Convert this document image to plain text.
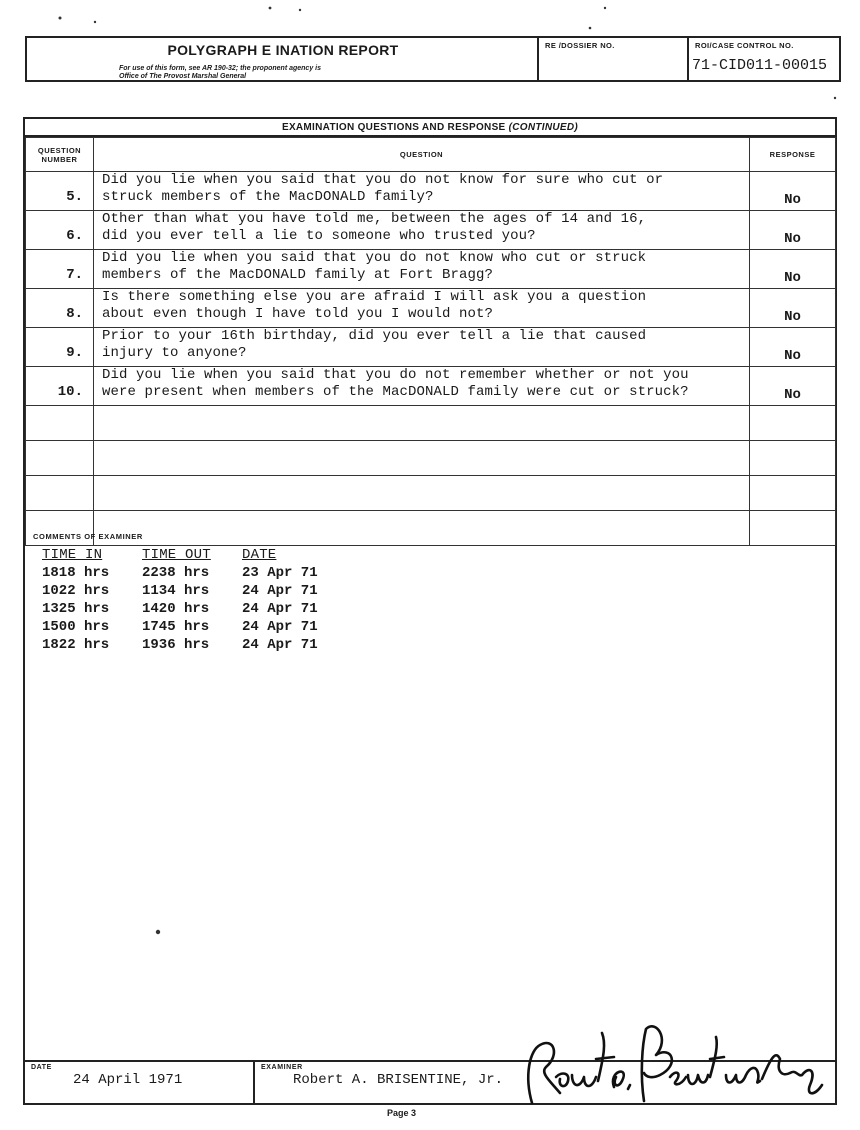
POLYGRAPH E INATION REPORT
For use of this form, see AR 190-32; the proponent agency is
Office of The Provost Marshal General
RE /DOSSIER NO.	ROI/CASE CONTROL NO.
71-CID011-00015
EXAMINATION QUESTIONS AND RESPONSE (CONTINUED)
QUESTION
NUMBER	QUESTION	RESPONSE
5.	Did you lie when you said that you do not know for sure who cut or
struck members of the MacDONALD family?	No
6.	Other than what you have told me, between the ages of 14 and 16,
did you ever tell a lie to someone who trusted you?	No
7.	Did you lie when you said that you do not know who cut or struck
members of the MacDONALD family at Fort Bragg?	No
8.	Is there something else you are afraid I will ask you a question
about even though I have told you I would not?	No
9.	Prior to your 16th birthday, did you ever tell a lie that caused
injury to anyone?	No
10.	Did you lie when you said that you do not remember whether or not you
were present when members of the MacDONALD family were cut or struck?	No

COMMENTS OF EXAMINER
TIME IN	TIME OUT	DATE
1818 hrs	2238 hrs	23 Apr 71
1022 hrs	1134 hrs	24 Apr 71
1325 hrs	1420 hrs	24 Apr 71
1500 hrs	1745 hrs	24 Apr 71
1822 hrs	1936 hrs	24 Apr 71
DATE
24 April 1971
EXAMINER
Robert A. BRISENTINE, Jr.
Page 3
